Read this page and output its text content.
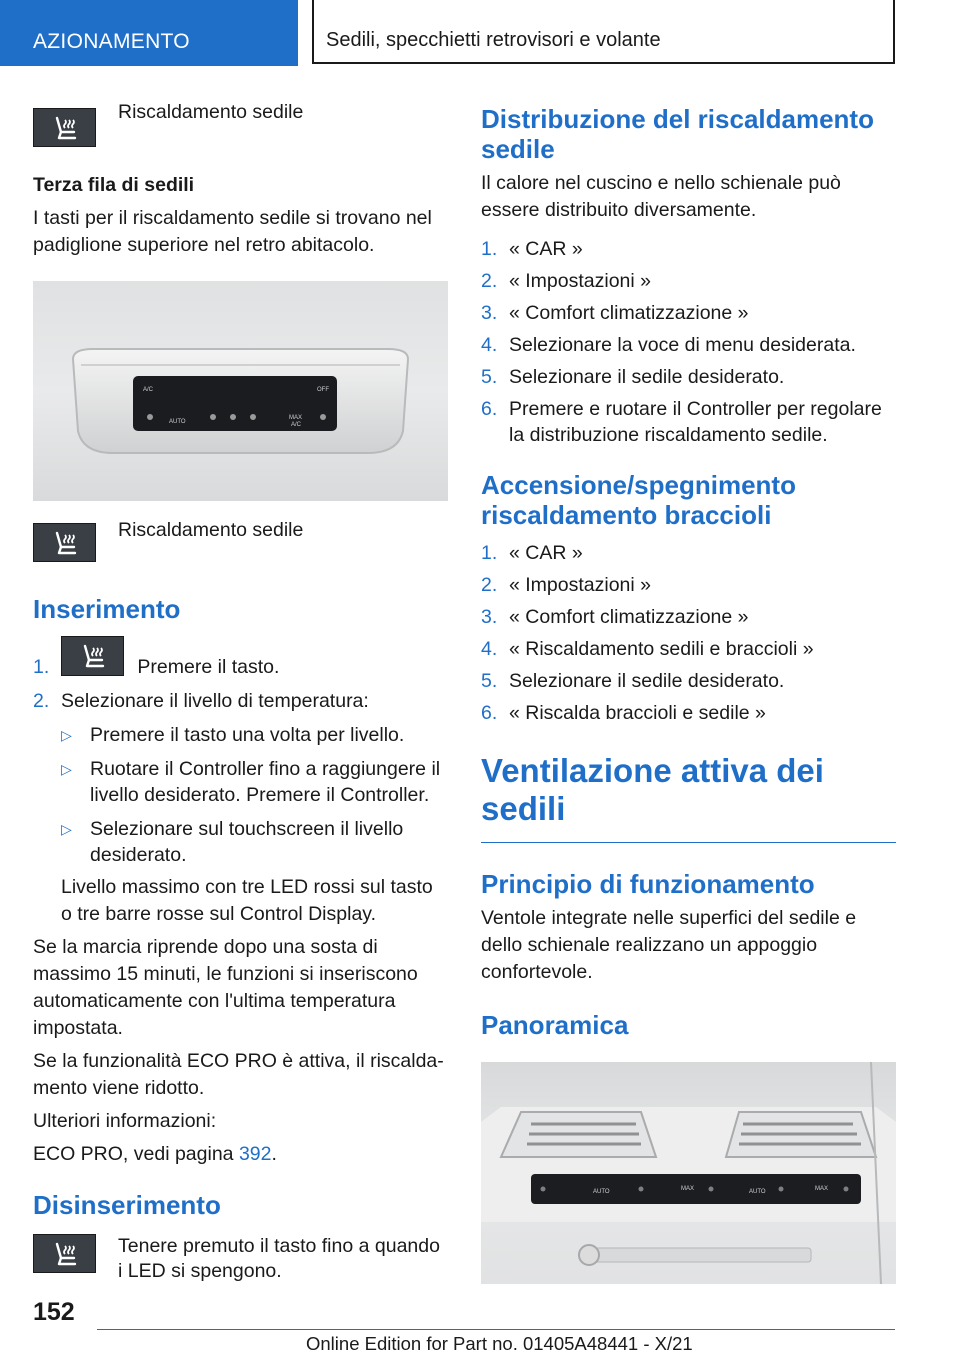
AZIONAMENTO	Sedili, specchietti retrovisori e volante
Riscaldamento sedile
Terza fila di sedili

I tasti per il riscaldamento sedile si trovano nel padiglione superiore nel retro abitacolo.

A/C	OFF
AUTO
MAX
A/C
Riscaldamento sedile
Inserimento
1.	Premere il tasto.
2. Selezionare il livello di temperatura:
▷ Premere il tasto una volta per livello.
▷ Ruotare il Controller fino a raggiungere il livello desiderato. Premere il Controller.
▷ Selezionare sul touchscreen il livello desiderato.

Livello massimo con tre LED rossi sul tasto o tre barre rosse sul Control Display.

Se la marcia riprende dopo una sosta di massimo 15 minuti, le funzioni si inseriscono automaticamente con l'ultima temperatura impostata.

Se la funzionalità ECO PRO è attiva, il riscaldamento viene ridotto.

Ulteriori informazioni:

ECO PRO, vedi pagina 392.

Disinserimento
Tenere premuto il tasto fino a quando i LED si spengono.
Distribuzione del riscaldamento sedile

Il calore nel cuscino e nello schienale può essere distribuito diversamente.

1. « CAR »
2. « Impostazioni »
3. « Comfort climatizzazione »
4. Selezionare la voce di menu desiderata.
5. Selezionare il sedile desiderato.
6. Premere e ruotare il Controller per regolare la distribuzione riscaldamento sedile.
Accensione/spegnimento riscaldamento braccioli
1. « CAR »
2. « Impostazioni »
3. « Comfort climatizzazione »
4. « Riscaldamento sedili e braccioli »
5. Selezionare il sedile desiderato.
6. « Riscalda braccioli e sedile »
Ventilazione attiva dei sedili
Principio di funzionamento

Ventole integrate nelle superfici del sedile e dello schienale realizzano un appoggio confortevole.

Panoramica
AUTO	AUTO
MAX	MAX
152
Online Edition for Part no. 01405A48441 - X/21
